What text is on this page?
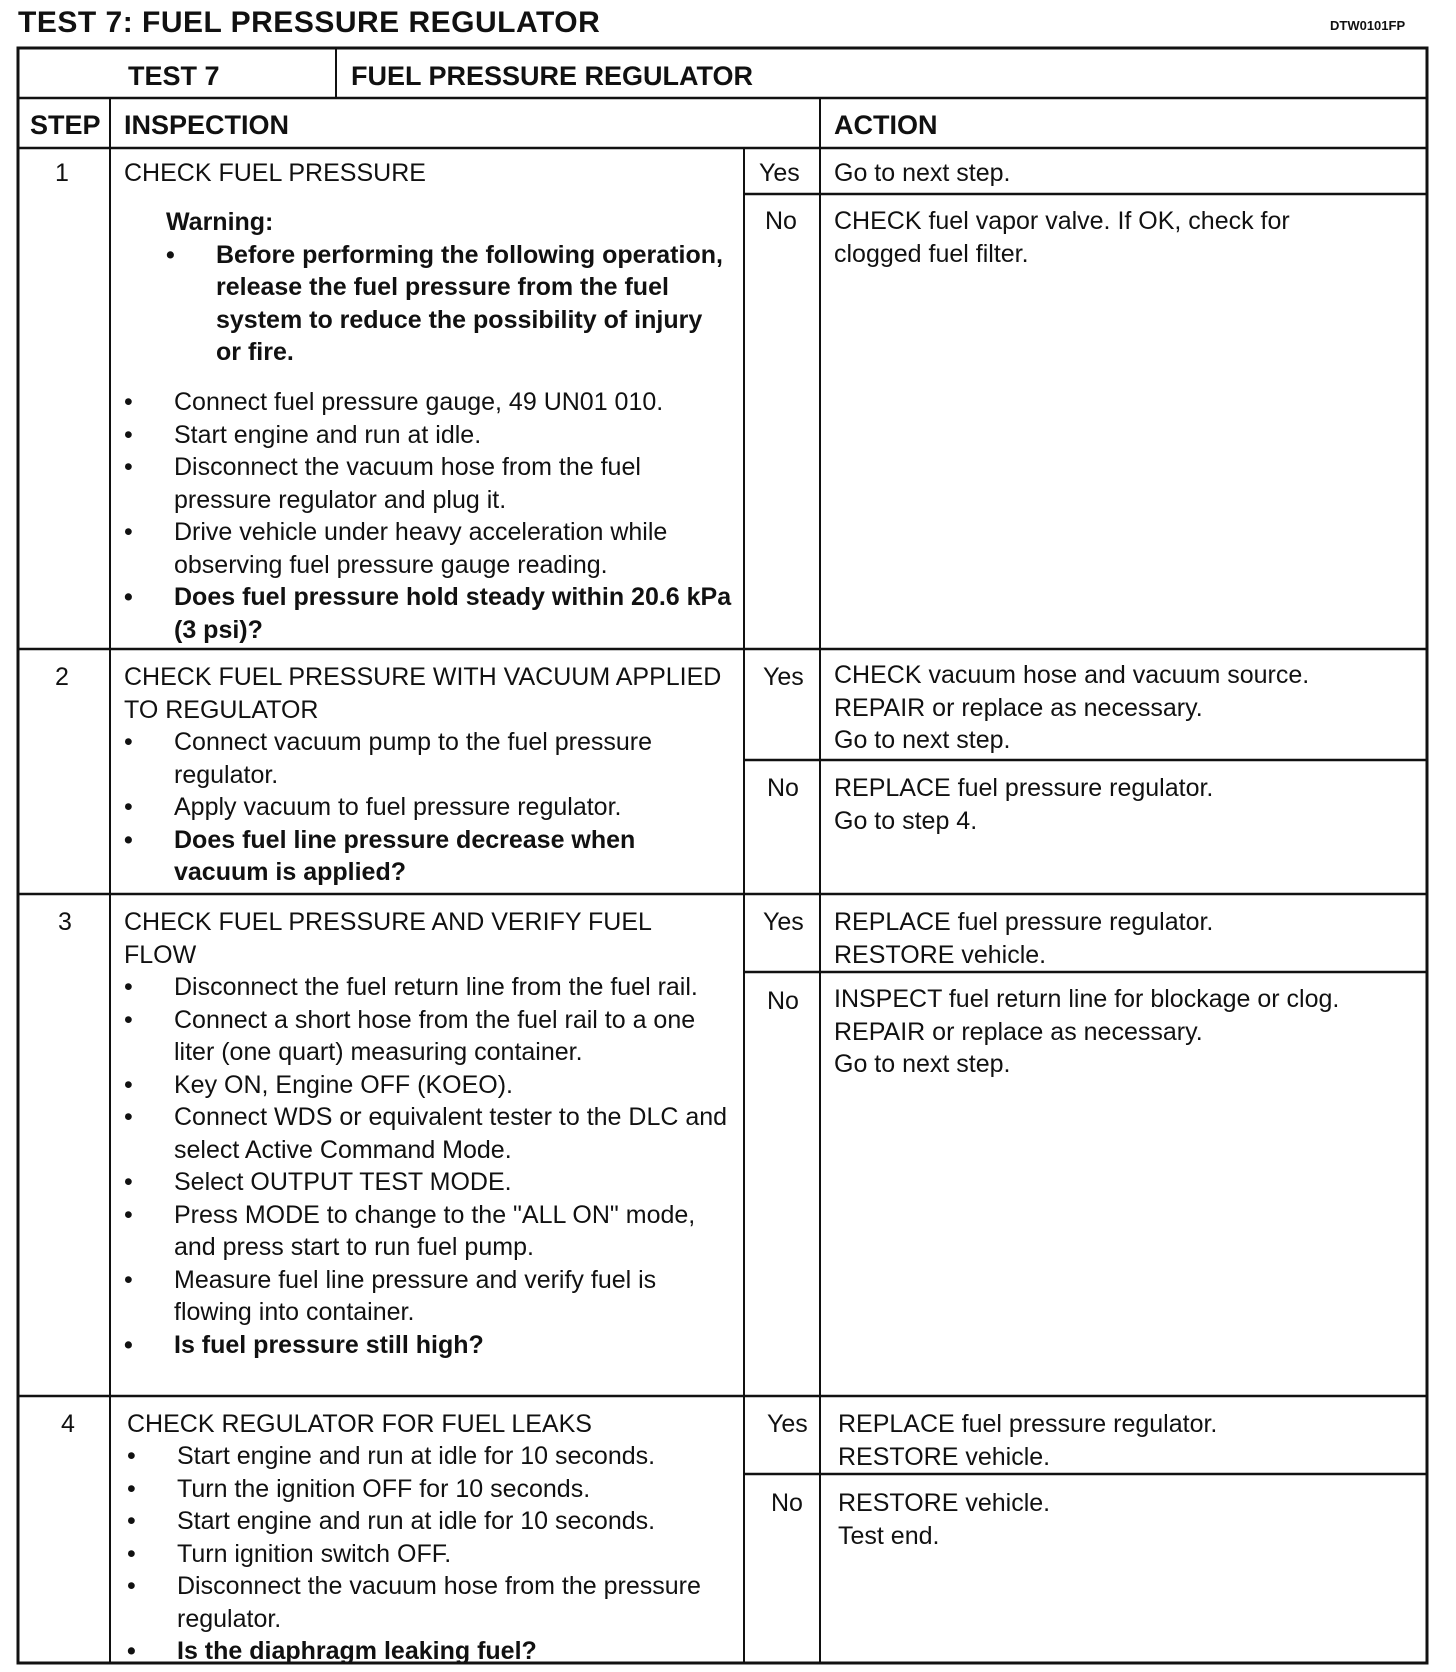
TEST 7: FUEL PRESSURE REGULATOR	DTW0101FP
TEST 7	FUEL PRESSURE REGULATOR
STEP INSPECTION	ACTION
1 CHECK FUEL PRESSURE
Warning:
• Before performing the following operation, release the fuel pressure from the fuel system to reduce the possibility of injury or fire.
• Connect fuel pressure gauge, 49 UN01 010.
• Start engine and run at idle.
• Disconnect the vacuum hose from the fuel pressure regulator and plug it.
• Drive vehicle under heavy acceleration while observing fuel pressure gauge reading.
• Does fuel pressure hold steady within 20.6 kPa (3 psi)?
Yes Go to next step.
No CHECK fuel vapor valve. If OK, check for clogged fuel filter.
2 CHECK FUEL PRESSURE WITH VACUUM APPLIED TO REGULATOR
• Connect vacuum pump to the fuel pressure regulator.
• Apply vacuum to fuel pressure regulator.
• Does fuel line pressure decrease when vacuum is applied?
Yes CHECK vacuum hose and vacuum source.
REPAIR or replace as necessary.
Go to next step.
No REPLACE fuel pressure regulator.
Go to step 4.
3 CHECK FUEL PRESSURE AND VERIFY FUEL FLOW
• Disconnect the fuel return line from the fuel rail.
• Connect a short hose from the fuel rail to a one liter (one quart) measuring container.
• Key ON, Engine OFF (KOEO).
• Connect WDS or equivalent tester to the DLC and select Active Command Mode.
• Select OUTPUT TEST MODE.
• Press MODE to change to the "ALL ON" mode, and press start to run fuel pump.
• Measure fuel line pressure and verify fuel is flowing into container.
• Is fuel pressure still high?
Yes REPLACE fuel pressure regulator.
RESTORE vehicle.
No INSPECT fuel return line for blockage or clog.
REPAIR or replace as necessary.
Go to next step.
4 CHECK REGULATOR FOR FUEL LEAKS
• Start engine and run at idle for 10 seconds.
• Turn the ignition OFF for 10 seconds.
• Start engine and run at idle for 10 seconds.
• Turn ignition switch OFF.
• Disconnect the vacuum hose from the pressure regulator.
• Is the diaphragm leaking fuel?
Yes REPLACE fuel pressure regulator.
RESTORE vehicle.
No RESTORE vehicle.
Test end.
